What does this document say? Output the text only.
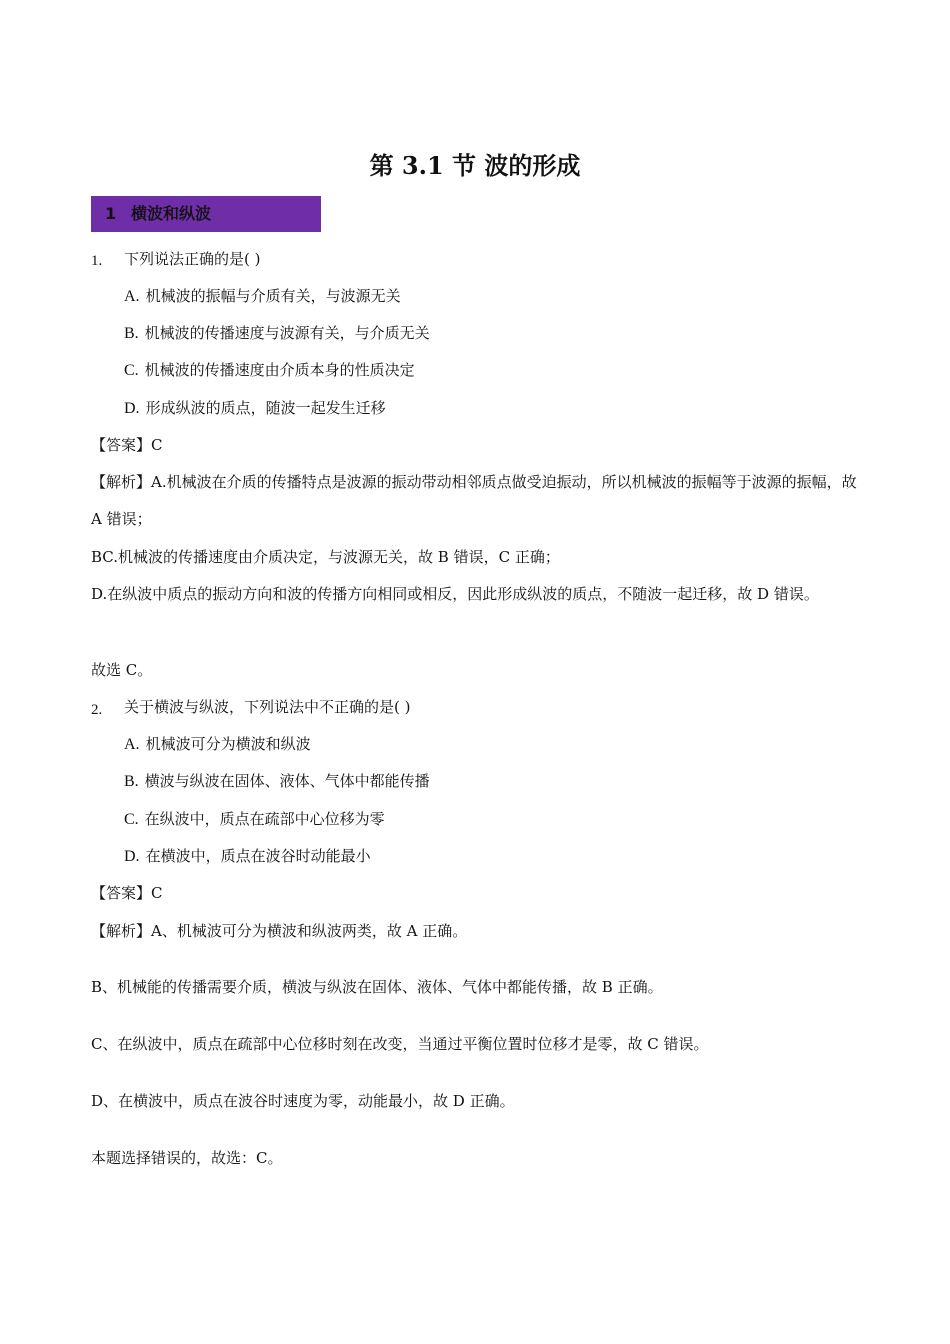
第 3.1 节 波的形成
1 横波和纵波
1. 下列说法正确的是( )
A. 机械波的振幅与介质有关，与波源无关
B. 机械波的传播速度与波源有关，与介质无关
C. 机械波的传播速度由介质本身的性质决定
D. 形成纵波的质点，随波一起发生迁移
【答案】C
【解析】A.机械波在介质的传播特点是波源的振动带动相邻质点做受迫振动，所以机械波的振幅等于波源的振幅，故 A 错误；
BC.机械波的传播速度由介质决定，与波源无关，故 B 错误，C 正确；
D.在纵波中质点的振动方向和波的传播方向相同或相反，因此形成纵波的质点，不随波一起迁移，故 D 错误。
故选 C。
2. 关于横波与纵波，下列说法中不正确的是( )
A. 机械波可分为横波和纵波
B. 横波与纵波在固体、液体、气体中都能传播
C. 在纵波中，质点在疏部中心位移为零
D. 在横波中，质点在波谷时动能最小
【答案】C
【解析】A、机械波可分为横波和纵波两类，故 A 正确。
B、机械能的传播需要介质，横波与纵波在固体、液体、气体中都能传播，故 B 正确。
C、在纵波中，质点在疏部中心位移时刻在改变，当通过平衡位置时位移才是零，故 C 错误。
D、在横波中，质点在波谷时速度为零，动能最小，故 D 正确。
本题选择错误的，故选：C。
